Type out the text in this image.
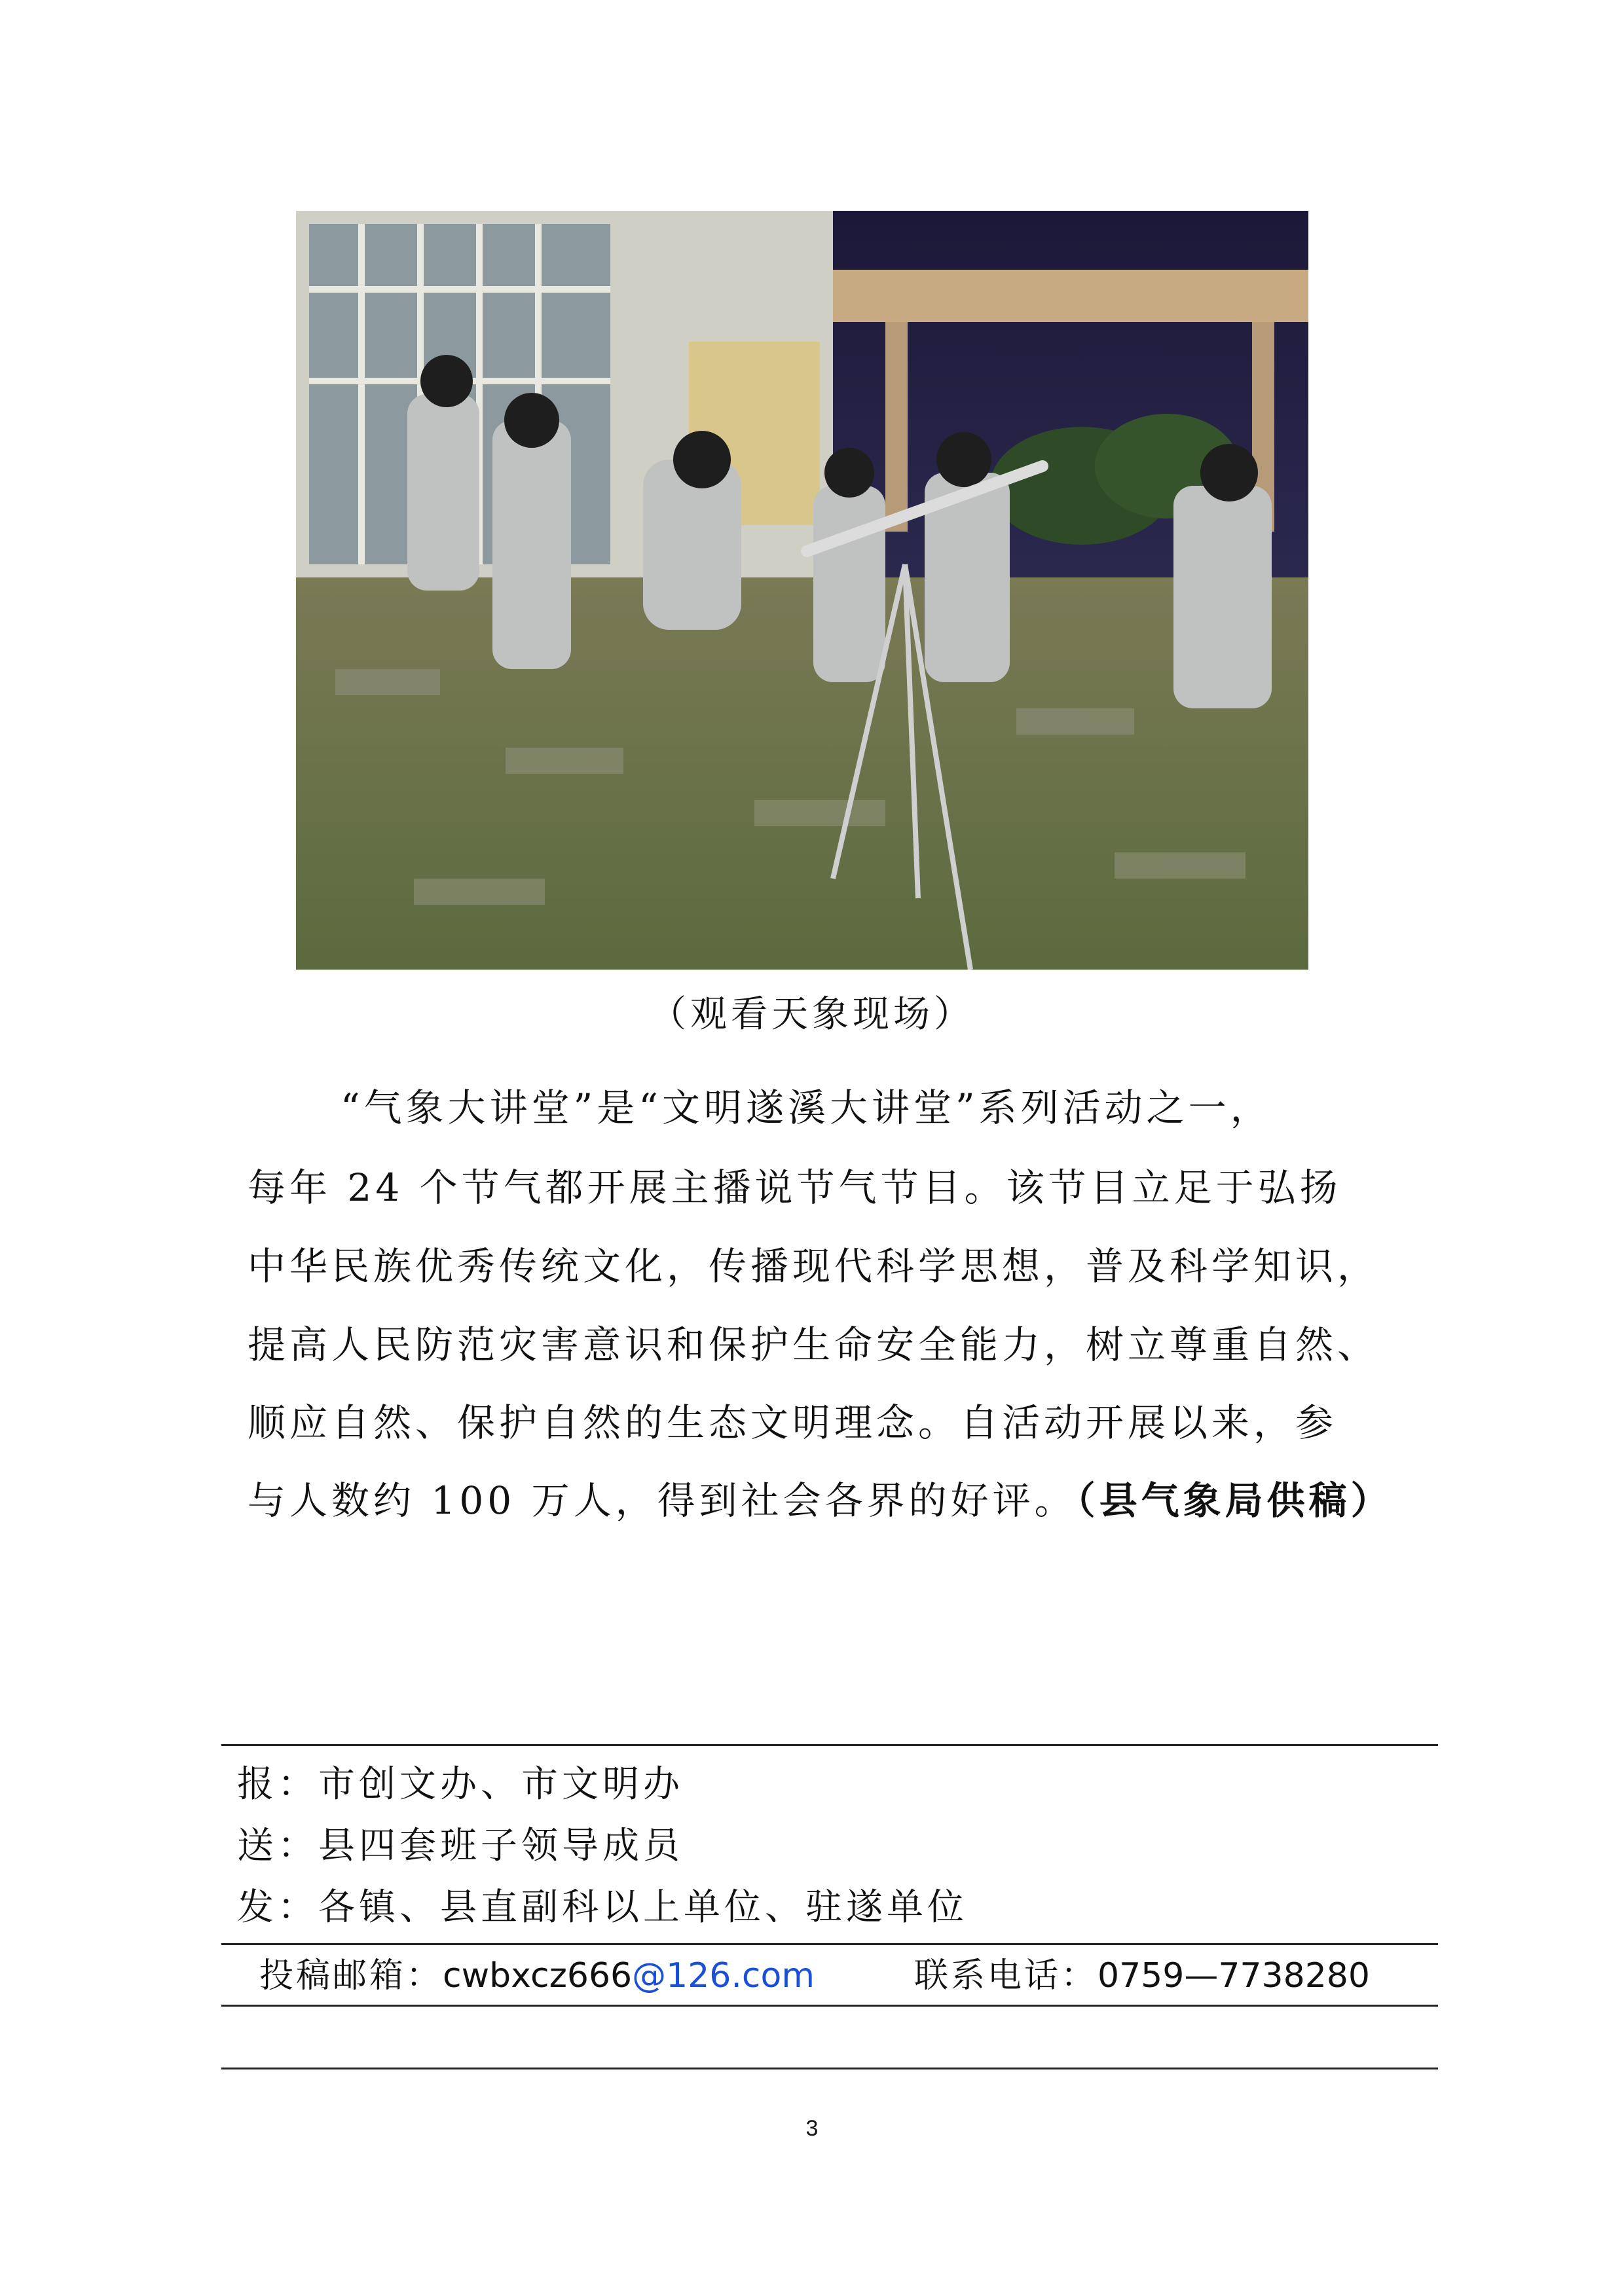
（观看天象现场）
“气象大讲堂”是“文明遂溪大讲堂”系列活动之一，
每年 24 个节气都开展主播说节气节目。该节目立足于弘扬
中华民族优秀传统文化，传播现代科学思想，普及科学知识，
提高人民防范灾害意识和保护生命安全能力，树立尊重自然、
顺应自然、保护自然的生态文明理念。自活动开展以来，参
与人数约 100 万人，得到社会各界的好评。（县气象局供稿）
报：市创文办、市文明办
送：县四套班子领导成员
发：各镇、县直副科以上单位、驻遂单位
投稿邮箱：cwbxcz666@126.com	联系电话：0759—7738280
3
